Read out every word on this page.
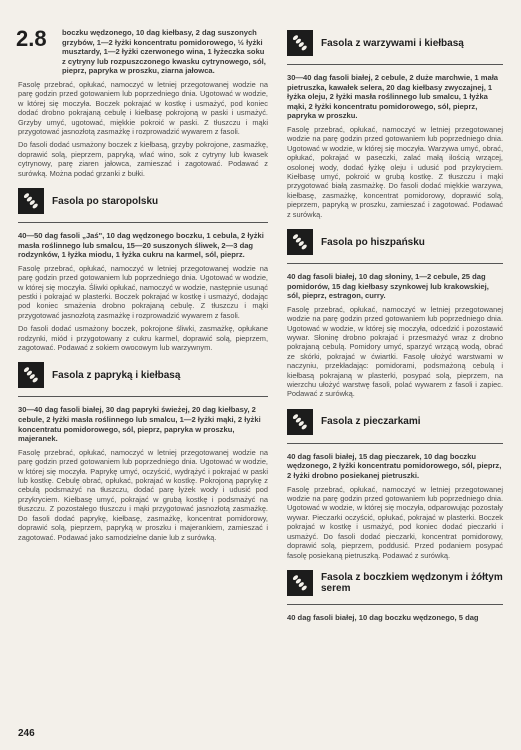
2.8 boczku wędzonego, 10 dag kiełbasy, 2 dag suszonych grzybów, 1—2 łyżki koncentratu pomidorowego, ½ łyżki musztardy, 1—2 łyżki czerwonego wina, 1 łyżeczka soku z cytryny lub rozpuszczonego kwasku cytrynowego, sól, pieprz, papryka w proszku, ziarna jałowca.

Fasolę przebrać, opłukać, namoczyć w letniej przegotowanej wodzie na parę godzin przed gotowaniem lub poprzedniego dnia. Ugotować w wodzie, w której się moczyła. Boczek pokrajać w kostkę i usmażyć, pod koniec dodać drobno pokrajaną cebulę i kiełbasę pokrojoną w paski i usmażyć. Grzyby umyć, ugotować, miękkie pokroić w paski. Z tłuszczu i mąki przygotować jasnozłotą zasmażkę i rozprowadzić wywarem z fasoli.

Do fasoli dodać usmażony boczek z kiełbasą, grzyby pokrojone, zasmażkę, doprawić solą, pieprzem, papryką, wlać wino, sok z cytryny lub kwasek cytrynowy, parę ziaren jałowca, zamieszać i zagotować. Podawać z surówką. Można podać grzanki z bułki.

Fasola po staropolsku

40—50 dag fasoli „Jaś", 10 dag wędzonego boczku, 1 cebula, 2 łyżki masła roślinnego lub smalcu, 15—20 suszonych śliwek, 2—3 dag rodzynków, 1 łyżka miodu, 1 łyżka cukru na karmel, sól, pieprz.

Fasolę przebrać, opłukać, namoczyć w letniej przegotowanej wodzie na parę godzin przed gotowaniem lub poprzedniego dnia. Ugotować w wodzie, w której się moczyła. Śliwki opłukać, namoczyć w wodzie, następnie usunąć pestki i pokrajać w plasterki. Boczek pokrajać w kostkę i usmażyć, dodając pod koniec smażenia drobno pokrajaną cebulę. Z tłuszczu i mąki przygotować jasnozłotą zasmażkę i rozprowadzić wywarem z fasoli.

Do fasoli dodać usmażony boczek, pokrojone śliwki, zasmażkę, opłukane rodzynki, miód i przygotowany z cukru karmel, doprawić solą, pieprzem, zagotować. Podawać z sokiem owocowym lub warzywnym.

Fasola z papryką i kiełbasą

30—40 dag fasoli białej, 30 dag papryki świeżej, 20 dag kiełbasy, 2 cebule, 2 łyżki masła roślinnego lub smalcu, 1—2 łyżki mąki, 2 łyżki koncentratu pomidorowego, sól, pieprz, papryka w proszku, majeranek.

Fasolę przebrać, opłukać, namoczyć w letniej przegotowanej wodzie na parę godzin przed gotowaniem lub poprzedniego dnia. Ugotować w wodzie, w której się moczyła. Paprykę umyć, oczyścić, wydrążyć i pokrajać w paski lub kostkę. Cebulę obrać, opłukać, pokrajać w kostkę. Pokrojoną paprykę z cebulą podsmażyć na tłuszczu, dodać parę łyżek wody i udusić pod przykryciem. Kiełbasę umyć, pokrajać w grubą kostkę i podsmażyć na tłuszczu. Z pozostałego tłuszczu i mąki przygotować jasnozłotą zasmażkę. Do fasoli dodać paprykę, kiełbasę, zasmażkę, koncentrat pomidorowy, doprawić solą, pieprzem, papryką w proszku i majerankiem, zamieszać i zagotować. Podawać jako samodzielne danie lub z surówką.

Fasola z warzywami i kiełbasą

30—40 dag fasoli białej, 2 cebule, 2 duże marchwie, 1 mała pietruszka, kawałek selera, 20 dag kiełbasy zwyczajnej, 1 łyżka oleju, 2 łyżki masła roślinnego lub smalcu, 1 łyżka mąki, 2 łyżki koncentratu pomidorowego, sól, pieprz, papryka w proszku.

Fasolę przebrać, opłukać, namoczyć w letniej przegotowanej wodzie na parę godzin przed gotowaniem lub poprzedniego dnia. Ugotować w wodzie, w której się moczyła. Warzywa umyć, obrać, opłukać, pokrajać w paseczki, zalać małą ilością wrzącej, osolonej wody, dodać łyżkę oleju i udusić pod przykryciem. Kiełbasę umyć, pokroić w grubą kostkę. Z tłuszczu i mąki przygotować białą zasmażkę. Do fasoli dodać miękkie warzywa, kiełbasę, zasmażkę, koncentrat pomidorowy, doprawić solą, pieprzem, papryką w proszku, zamieszać i zagotować. Podawać z surówką.

Fasola po hiszpańsku

40 dag fasoli białej, 10 dag słoniny, 1—2 cebule, 25 dag pomidorów, 15 dag kiełbasy szynkowej lub krakowskiej, sól, pieprz, estragon, curry.

Fasolę przebrać, opłukać, namoczyć w letniej przegotowanej wodzie na parę godzin przed gotowaniem lub poprzedniego dnia. Ugotować w wodzie, w której się moczyła, odcedzić i pozostawić wywar. Słoninę drobno pokrajać i przesmażyć wraz z drobno pokrajaną cebulą. Pomidory umyć, sparzyć wrzącą wodą, obrać ze skórki, pokrajać w ćwiartki. Fasolę ułożyć warstwami w naczyniu, przekładając: pomidorami, podsmażoną cebulą i kiełbasą pokrajaną w plasterki, posypać solą, pieprzem, na wierzchu ułożyć warstwę fasoli, polać wywarem z fasoli i zapiec. Podawać z surówką.

Fasola z pieczarkami

40 dag fasoli białej, 15 dag pieczarek, 10 dag boczku wędzonego, 2 łyżki koncentratu pomidorowego, sól, pieprz, 2 łyżki drobno posiekanej pietruszki.

Fasolę przebrać, opłukać, namoczyć w letniej przegotowanej wodzie na parę godzin przed gotowaniem lub poprzedniego dnia. Ugotować w wodzie, w której się moczyła, odparowując pozostały wywar. Pieczarki oczyścić, opłukać, pokrajać w plasterki. Boczek pokrajać w kostkę i usmażyć, pod koniec dodać pieczarki i usmażyć. Do fasoli dodać pieczarki, koncentrat pomidorowy, doprawić solą, pieprzem, poddusić. Przed podaniem posypać fasolę posiekaną pietruszką. Podawać z surówką.

Fasola z boczkiem wędzonym i żółtym serem

40 dag fasoli białej, 10 dag boczku wędzonego, 5 dag

246
